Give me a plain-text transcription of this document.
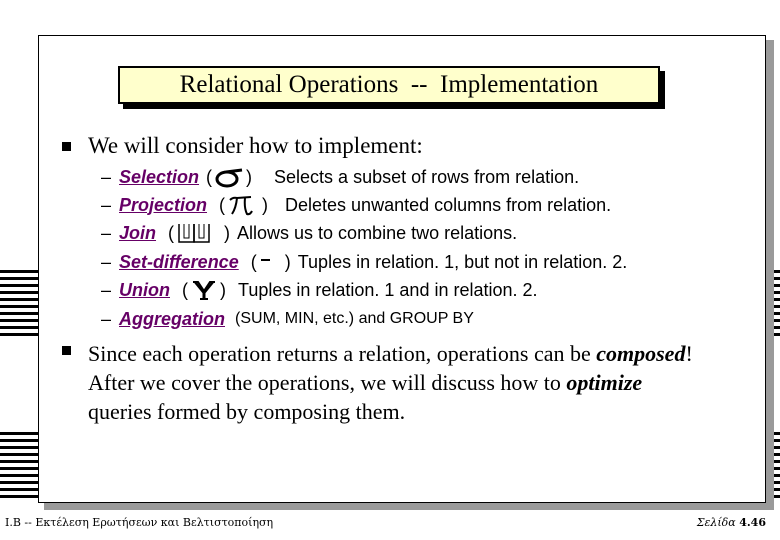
Relational Operations  --  Implementation
We will consider how to implement:
– Selection ( ) Selects a subset of rows from relation.
– Projection ( ) Deletes unwanted columns from relation.
– Join ( ) Allows us to combine two relations.
– Set-difference ( ) Tuples in relation. 1, but not in relation. 2.
– Union ( ) Tuples in relation. 1 and in relation. 2.
– Aggregation
(SUM, MIN, etc.) and GROUP BY
Since each operation returns a relation, operations can be composed! After we cover the operations, we will discuss how to optimize queries formed by composing them.
Ι.Β -- Εκτέλεση Ερωτήσεων και Βελτιστοποίηση	Σελίδα 4.46
